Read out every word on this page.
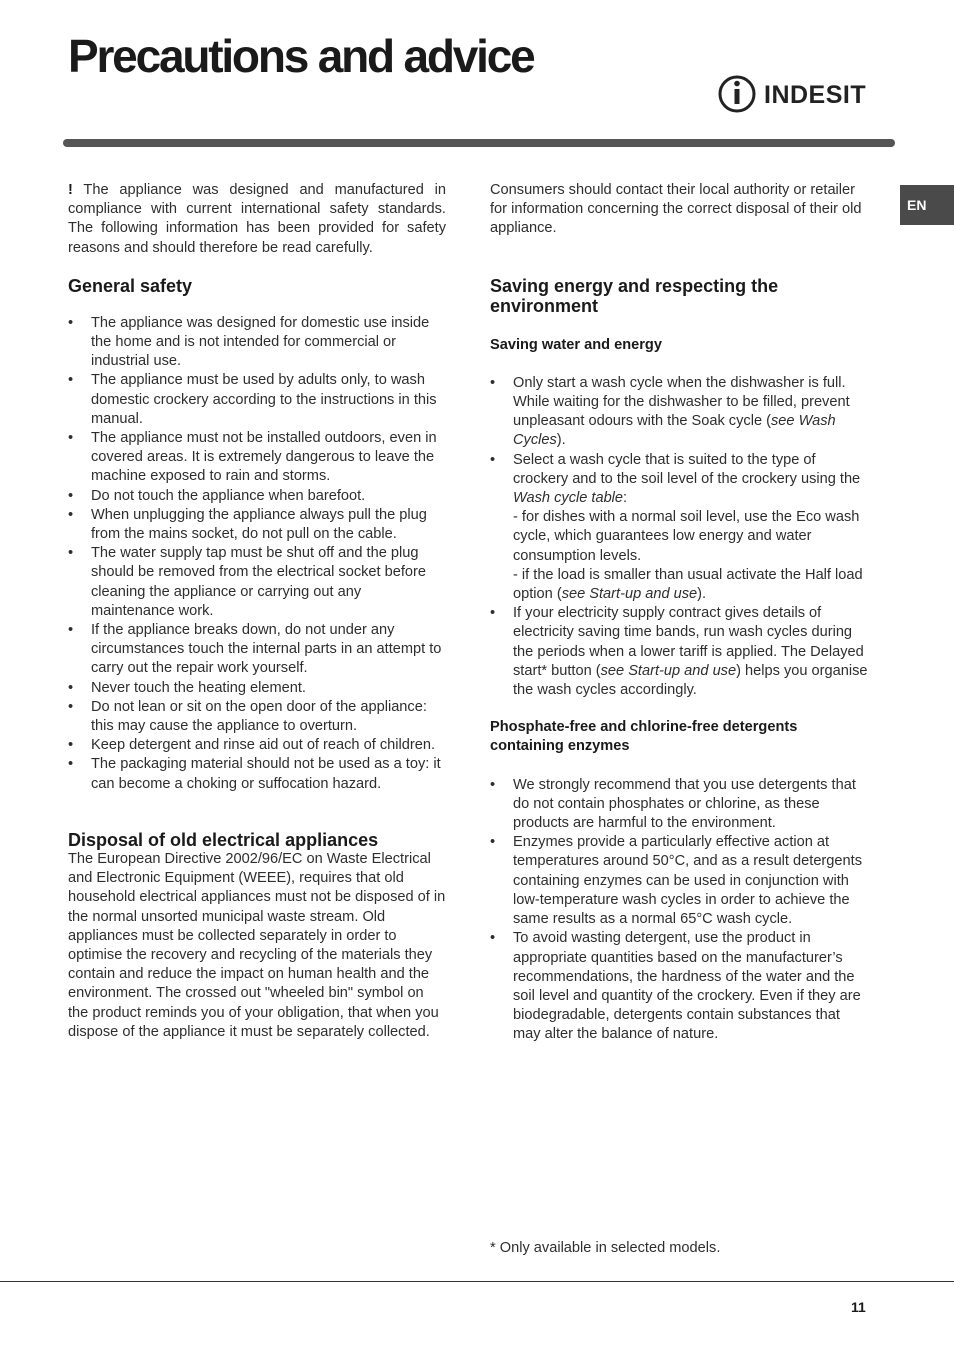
Precautions and advice
INDESIT
EN

! The appliance was designed and manufactured in compliance with current international safety standards. The following information has been provided for safety reasons and should therefore be read carefully.

General safety
• The appliance was designed for domestic use inside the home and is not intended for commercial or industrial use.
• The appliance must be used by adults only, to wash domestic crockery according to the instructions in this manual.
• The appliance must not be installed outdoors, even in covered areas. It is extremely dangerous to leave the machine exposed to rain and storms.
• Do not touch the appliance when barefoot.
• When unplugging the appliance always pull the plug from the mains socket, do not pull on the cable.
• The water supply tap must be shut off and the plug should be removed from the electrical socket before cleaning the appliance or carrying out any maintenance work.
• If the appliance breaks down, do not under any circumstances touch the internal parts in an attempt to carry out the repair work yourself.
• Never touch the heating element.
• Do not lean or sit on the open door of the appliance: this may cause the appliance to overturn.
• Keep detergent and rinse aid out of reach of children.
• The packaging material should not be used as a toy: it can become a choking or suffocation hazard.
Disposal of old electrical appliances

The European Directive 2002/96/EC on Waste Electrical and Electronic Equipment (WEEE), requires that old household electrical appliances must not be disposed of in the normal unsorted municipal waste stream. Old appliances must be collected separately in order to optimise the recovery and recycling of the materials they contain and reduce the impact on human health and the environment. The crossed out "wheeled bin" symbol on the product reminds you of your obligation, that when you dispose of the appliance it must be separately collected.

Consumers should contact their local authority or retailer for information concerning the correct disposal of their old appliance.

Saving energy and respecting the environment
Saving water and energy
• Only start a wash cycle when the dishwasher is full. While waiting for the dishwasher to be filled, prevent unpleasant odours with the Soak cycle (see Wash Cycles).
• Select a wash cycle that is suited to the type of crockery and to the soil level of the crockery using the Wash cycle table:
- for dishes with a normal soil level, use the Eco wash cycle, which guarantees low energy and water consumption levels.
- if the load is smaller than usual activate the Half load option (see Start-up and use).
• If your electricity supply contract gives details of electricity saving time bands, run wash cycles during the periods when a lower tariff is applied. The Delayed start* button (see Start-up and use) helps you organise the wash cycles accordingly.
Phosphate-free and chlorine-free detergents containing enzymes
• We strongly recommend that you use detergents that do not contain phosphates or chlorine, as these products are harmful to the environment.
• Enzymes provide a particularly effective action at temperatures around 50°C, and as a result detergents containing enzymes can be used in conjunction with low-temperature wash cycles in order to achieve the same results as a normal 65°C wash cycle.
• To avoid wasting detergent, use the product in appropriate quantities based on the manufacturer’s recommendations, the hardness of the water and the soil level and quantity of the crockery. Even if they are biodegradable, detergents contain substances that may alter the balance of nature.
* Only available in selected models.
11
